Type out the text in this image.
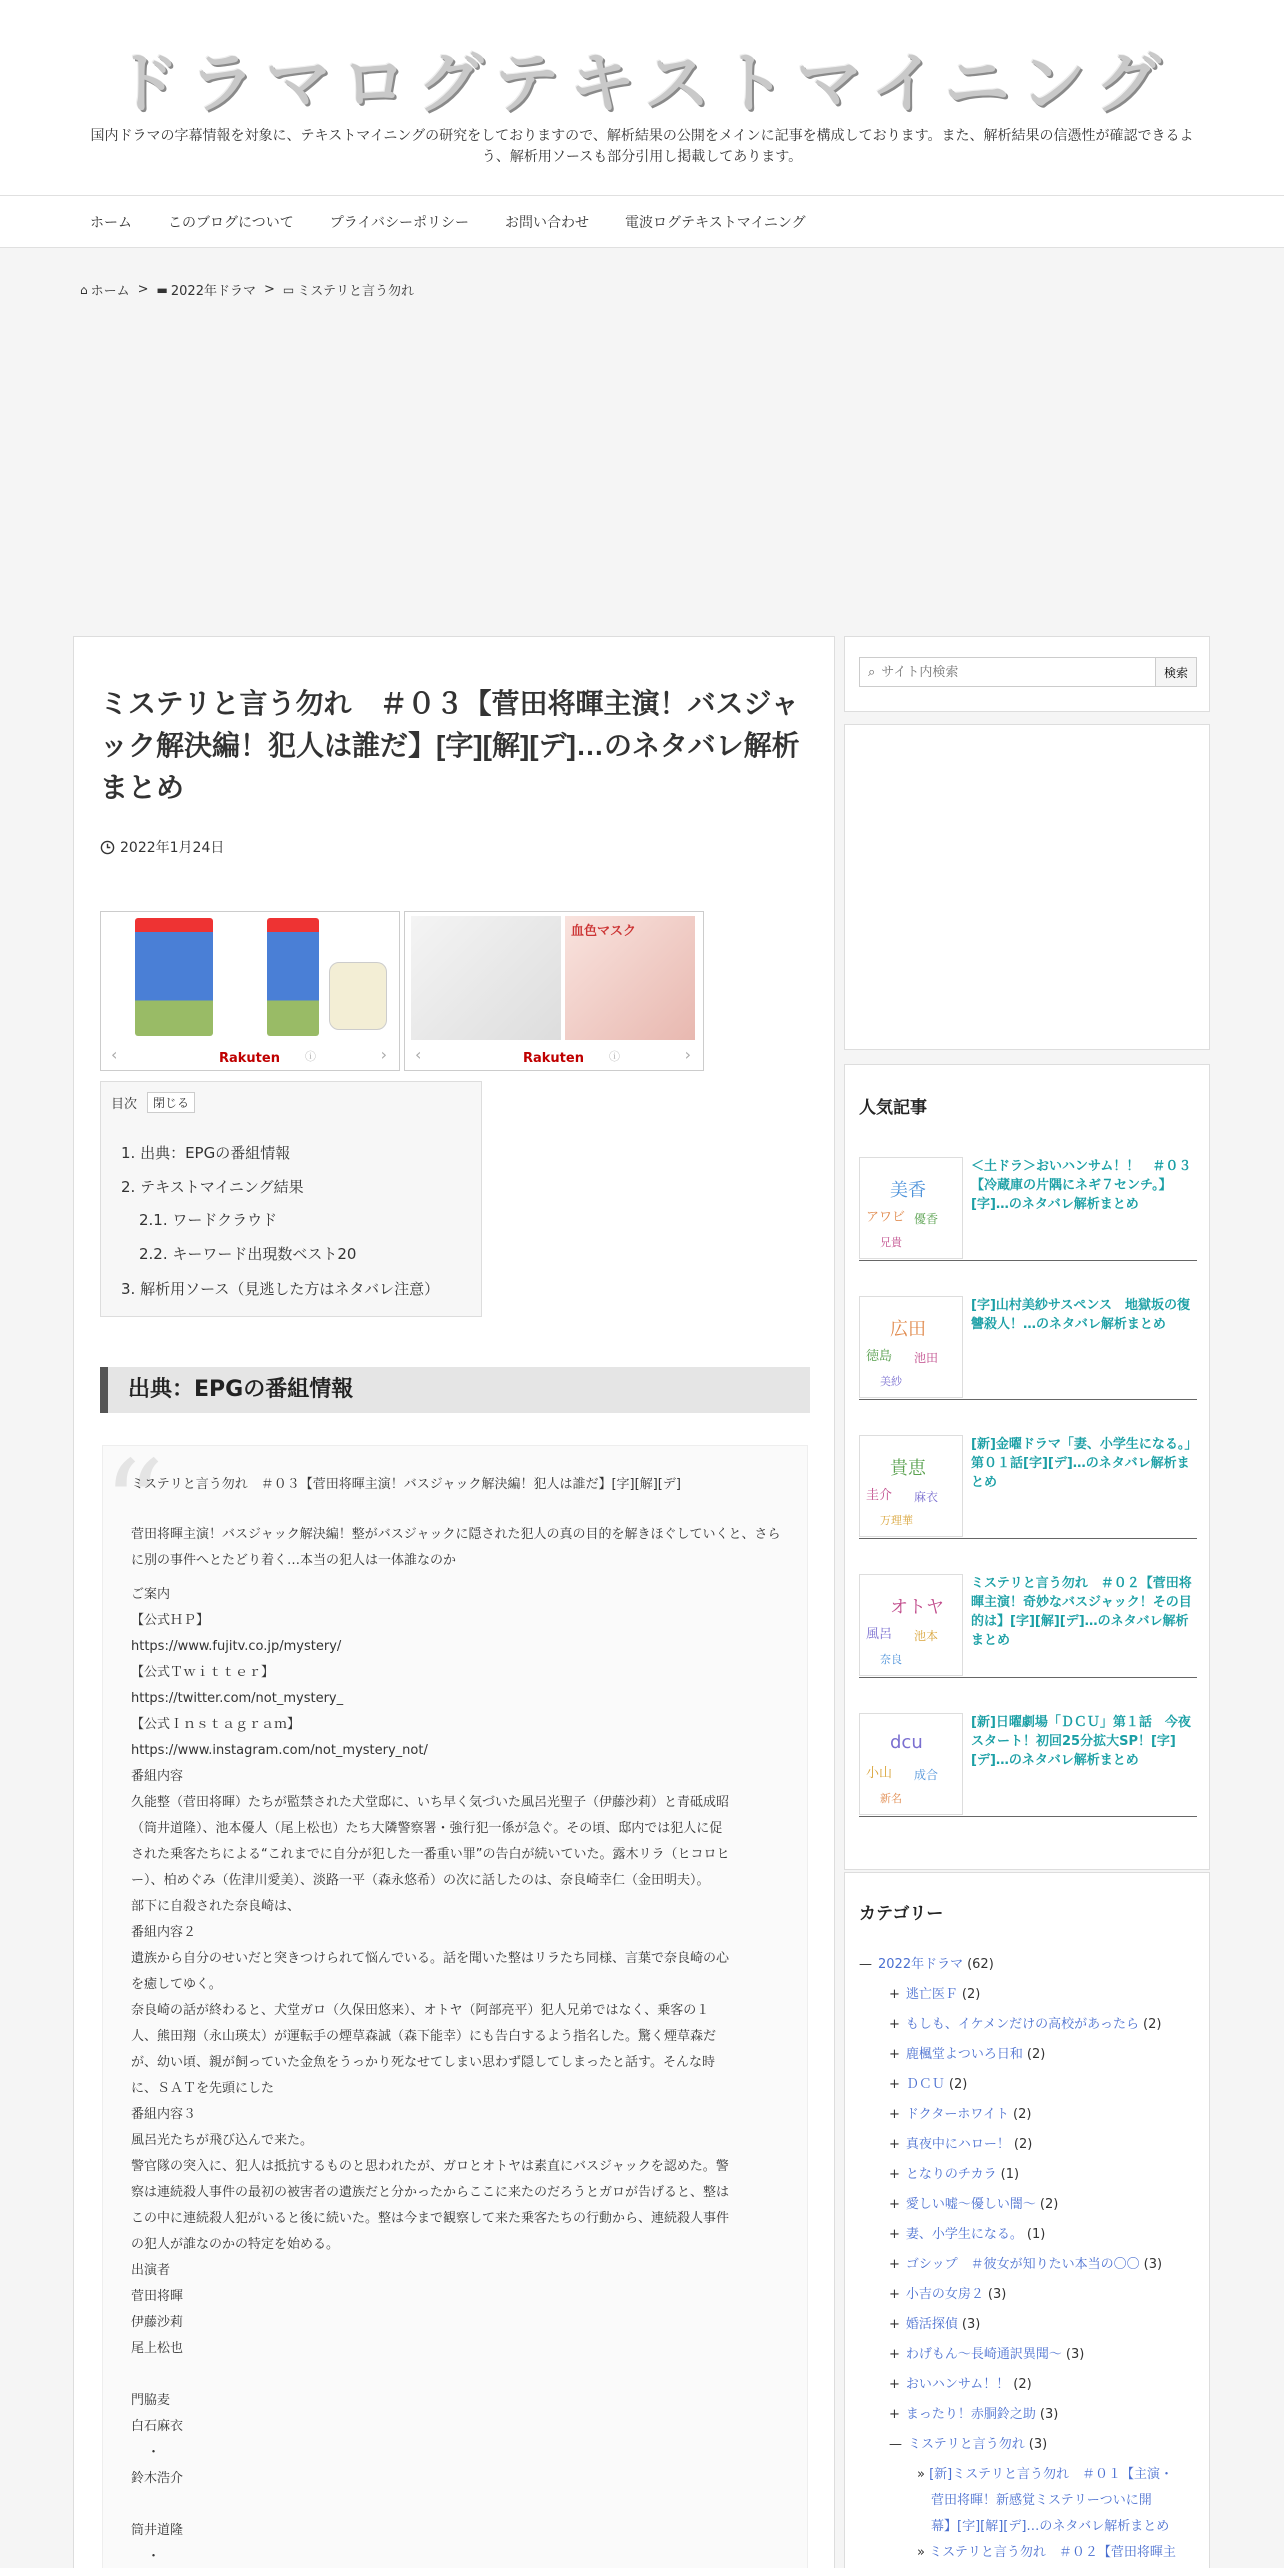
ドラマログテキストマイニング
国内ドラマの字幕情報を対象に、テキストマイニングの研究をしておりますので、解析結果の公開をメインに記事を構成しております。また、解析結果の信憑性が確認できるよう、解析用ソースも部分引用し掲載してあります。
ホーム	このブログについて	プライバシーポリシー	お問い合わせ	電波ログテキストマイニング
⌂ ホーム > ▬ 2022年ドラマ > ▭ ミステリと言う勿れ
ミステリと言う勿れ　＃０３【菅田将暉主演！バスジャック解決編！犯人は誰だ】[字][解][デ]…のネタバレ解析まとめ
2022年1月24日
‹	Rakuten ⓘ	›
血色マスク
‹	Rakuten ⓘ	›
目次	閉じる
1. 出典：EPGの番組情報
2. テキストマイニング結果
2.1. ワードクラウド
2.2. キーワード出現数ベスト20
3. 解析用ソース（見逃した方はネタバレ注意）
出典：EPGの番組情報
“
ミステリと言う勿れ　＃０３【菅田将暉主演！バスジャック解決編！犯人は誰だ】[字][解][デ]
菅田将暉主演！バスジャック解決編！整がバスジャックに隠された犯人の真の目的を解きほぐしていくと、さらに別の事件へとたどり着く…本当の犯人は一体誰なのか
ご案内
【公式ＨＰ】
https://www.fujitv.co.jp/mystery/
【公式Ｔｗｉｔｔｅｒ】
https://twitter.com/not_mystery_
【公式Ｉｎｓｔａｇｒａｍ】
https://www.instagram.com/not_mystery_not/
番組内容
久能整（菅田将暉）たちが監禁された犬堂邸に、いち早く気づいた風呂光聖子（伊藤沙莉）と青砥成昭
（筒井道隆）、池本優人（尾上松也）たち大隣警察署・強行犯一係が急ぐ。その頃、邸内では犯人に促
された乗客たちによる“これまでに自分が犯した一番重い罪”の告白が続いていた。露木リラ（ヒコロヒ
ー）、柏めぐみ（佐津川愛美）、淡路一平（森永悠希）の次に話したのは、奈良崎幸仁（金田明夫）。
部下に自殺された奈良崎は、
番組内容２
遺族から自分のせいだと突きつけられて悩んでいる。話を聞いた整はリラたち同様、言葉で奈良崎の心
を癒してゆく。
奈良崎の話が終わると、犬堂ガロ（久保田悠来）、オトヤ（阿部亮平）犯人兄弟ではなく、乗客の１
人、熊田翔（永山瑛太）が運転手の煙草森誠（森下能幸）にも告白するよう指名した。驚く煙草森だ
が、幼い頃、親が飼っていた金魚をうっかり死なせてしまい思わず隠してしまったと話す。そんな時
に、ＳＡＴを先頭にした
番組内容３
風呂光たちが飛び込んで来た。
警官隊の突入に、犯人は抵抗するものと思われたが、ガロとオトヤは素直にバスジャックを認めた。警
察は連続殺人事件の最初の被害者の遺族だと分かったからここに来たのだろうとガロが告げると、整は
この中に連続殺人犯がいると後に続いた。整は今まで観察して来た乗客たちの行動から、連続殺人事件
の犯人が誰なのかの特定を始める。
出演者
菅田将暉
伊藤沙莉
尾上松也
門脇麦
白石麻衣
・
鈴木浩介
筒井道隆
・
⌕
サイト内検索	検索
人気記事
美香
アワビ 優香
兄貴
＜土ドラ＞おいハンサム！！　＃０３【冷蔵庫の片隅にネギ７センチ。】[字]…のネタバレ解析まとめ
広田
徳島 池田
美紗
[字]山村美紗サスペンス　地獄坂の復讐殺人！…のネタバレ解析まとめ
貴恵
圭介 麻衣
万理華
[新]金曜ドラマ「妻、小学生になる。」第０１話[字][デ]…のネタバレ解析まとめ
オトヤ
風呂 池本
奈良
ミステリと言う勿れ　＃０２【菅田将暉主演！奇妙なバスジャック！その目的は】[字][解][デ]…のネタバレ解析まとめ
dcu
小山 成合
新名
[新]日曜劇場「ＤＣＵ」第１話　今夜スタート！初回25分拡大SP！[字][デ]…のネタバレ解析まとめ
カテゴリー
— 2022年ドラマ (62)
+ 逃亡医Ｆ (2)
+ もしも、イケメンだけの高校があったら (2)
+ 鹿楓堂よついろ日和 (2)
+ ＤＣＵ (2)
+ ドクターホワイト (2)
+ 真夜中にハロー！ (2)
+ となりのチカラ (1)
+ 愛しい嘘～優しい闇～ (2)
+ 妻、小学生になる。 (1)
+ ゴシップ　＃彼女が知りたい本当の〇〇 (3)
+ 小吉の女房２ (3)
+ 婚活探偵 (3)
+ わげもん～長崎通訳異聞～ (3)
+ おいハンサム！！ (2)
+ まったり！赤胴鈴之助 (3)
— ミステリと言う勿れ (3)
» [新]ミステリと言う勿れ　＃０１【主演・
菅田将暉！新感覚ミステリーついに開
幕】[字][解][デ]…のネタバレ解析まとめ
» ミステリと言う勿れ　＃０２【菅田将暉主
